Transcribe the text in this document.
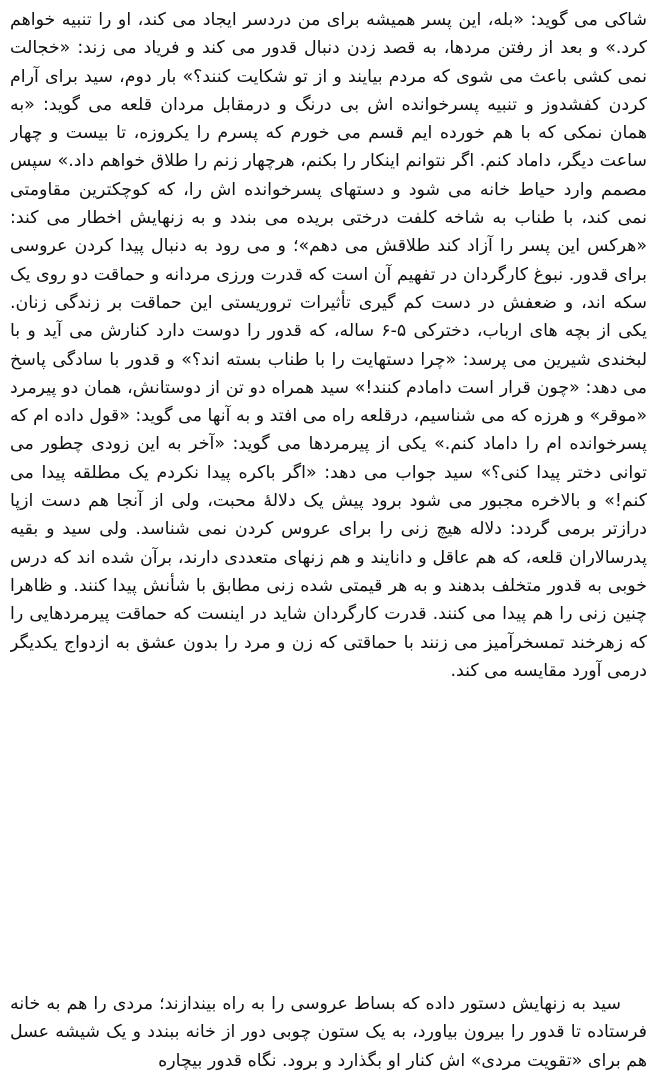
شاکی می گوید: «بله، این پسر همیشه برای من دردسر ایجاد می کند، او را تنبیه خواهم کرد.» و بعد از رفتن مردها، به قصد زدن دنبال قدور می کند و فریاد می زند: «خجالت نمی کشی باعث می شوی که مردم بیایند و از تو شکایت کنند؟» بار دوم، سید برای آرام کردن کفشدوز و تنبیه پسرخوانده اش بی درنگ و درمقابل مردان قلعه می گوید: «به همان نمکی که با هم خورده ایم قسم می خورم که پسرم را یکروزه، تا بیست و چهار ساعت دیگر، داماد کنم. اگر نتوانم اینکار را بکنم، هرچهار زنم را طلاق خواهم داد.» سپس مصمم وارد حیاط خانه می شود و دستهای پسرخوانده اش را، که کوچکترین مقاومتی نمی کند، با طناب به شاخه کلفت درختی بریده می بندد و به زنهایش اخطار می کند: «هرکس این پسر را آزاد کند طلاقش می دهم»؛ و می رود به دنبال پیدا کردن عروسی برای قدور. نبوغ کارگردان در تفهیم آن است که قدرت ورزی مردانه و حماقت دو روی یک سکه اند، و ضعفش در دست کم گیری تأثیرات تروریستی این حماقت بر زندگی زنان. یکی از بچه های ارباب، دخترکی ۵-۶ ساله، که قدور را دوست دارد کنارش می آید و با لبخندی شیرین می پرسد: «چرا دستهایت را با طناب بسته اند؟» و قدور با سادگی پاسخ می دهد: «چون قرار است دامادم کنند!» سید همراه دو تن از دوستانش، همان دو پیرمرد «موقر» و هرزه که می شناسیم، درقلعه راه می افتد و به آنها می گوید: «قول داده ام که پسرخوانده ام را داماد کنم.» یکی از پیرمردها می گوید: «آخر به این زودی چطور می توانی دختر پیدا کنی؟» سید جواب می دهد: «اگر باکره پیدا نکردم یک مطلقه پیدا می کنم!» و بالاخره مجبور می شود برود پیش یک دلالهٔ محبت، ولی از آنجا هم دست ازپا درازتر برمی گردد: دلاله هیچ زنی را برای عروس کردن نمی شناسد. ولی سید و بقیه پدرسالاران قلعه، که هم عاقل و دانایند و هم زنهای متعددی دارند، برآن شده اند که درس خوبی به قدور متخلف بدهند و به هر قیمتی شده زنی مطابق با شأنش پیدا کنند. و ظاهرا چنین زنی را هم پیدا می کنند. قدرت کارگردان شاید در اینست که حماقت پیرمردهایی را که زهرخند تمسخرآمیز می زنند با حماقتی که زن و مرد را بدون عشق به ازدواج یکدیگر درمی آورد مقایسه می کند.

سید به زنهایش دستور داده که بساط عروسی را به راه بیندازند؛ مردی را هم به خانه فرستاده تا قدور را بیرون بیاورد، به یک ستون چوبی دور از خانه ببندد و یک شیشه عسل هم برای «تقویت مردی» اش کنار او بگذارد و برود. نگاه قدور بیچاره
